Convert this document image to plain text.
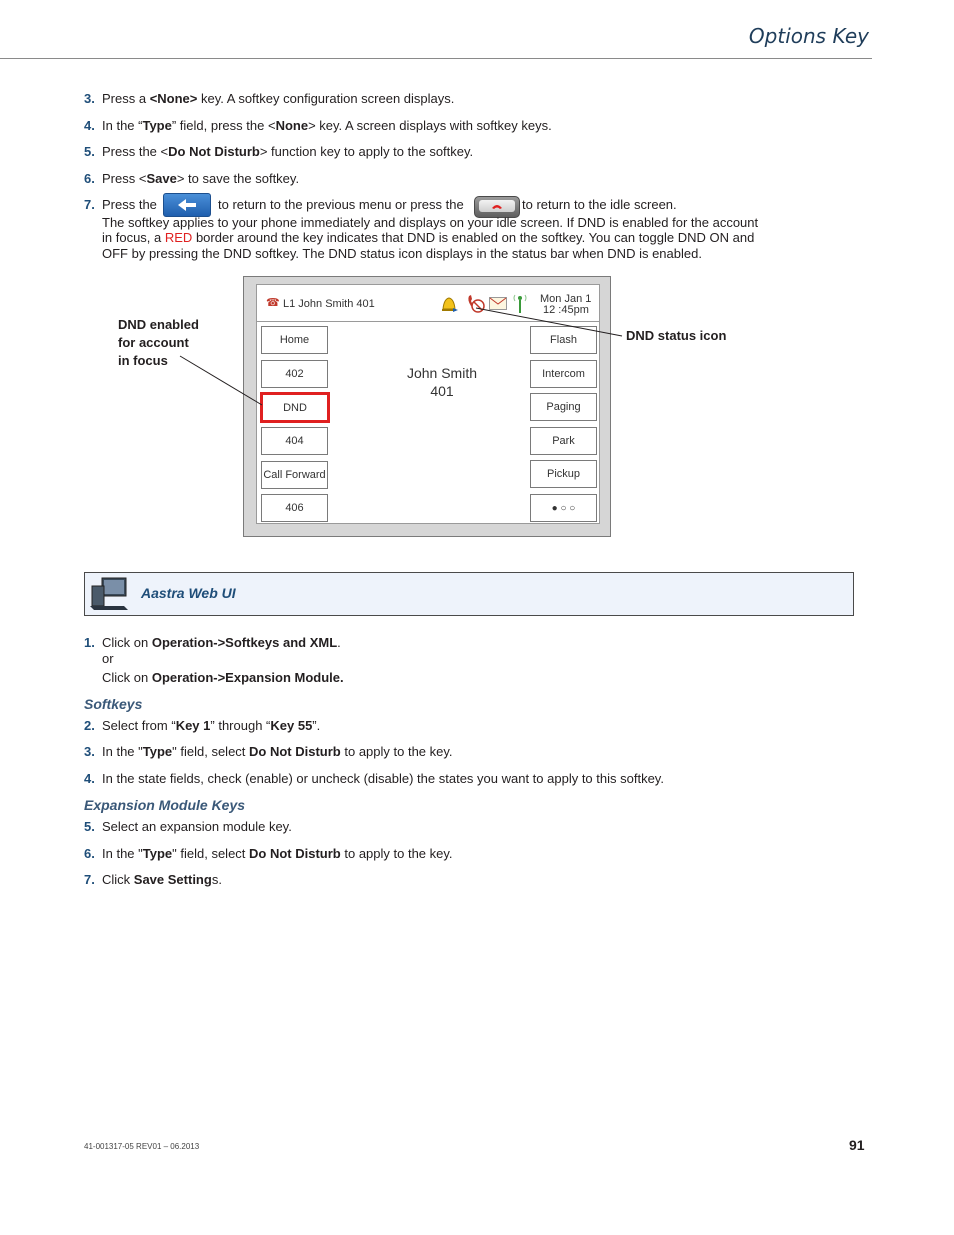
Options Key
3. Press a <None> key. A softkey configuration screen displays.
4. In the “Type” field, press the <None> key. A screen displays with softkey keys.
5. Press the <Do Not Disturb> function key to apply to the softkey.
6. Press <Save> to save the softkey.
7. Press the	to return to the previous menu or press the	to return to the idle screen.
The softkey applies to your phone immediately and displays on your idle screen. If DND is enabled for the account
in focus, a RED border around the key indicates that DND is enabled on the softkey. You can toggle DND ON and
OFF by pressing the DND softkey. The DND status icon displays in the status bar when DND is enabled.
☎ L1 John Smith 401	Mon Jan 1
12 :45pm
John Smith
401
Home
402
DND
404
Call Forward
406
Flash
Intercom
Paging
Park
Pickup
● ○ ○
DND enabled
for account
in focus
DND status icon
Aastra Web UI
1. Click on Operation->Softkeys and XML.
or
Click on Operation->Expansion Module.
Softkeys
2. Select from “Key 1” through “Key 55”.
3. In the "Type" field, select Do Not Disturb to apply to the key.
4. In the state fields, check (enable) or uncheck (disable) the states you want to apply to this softkey.
Expansion Module Keys
5. Select an expansion module key.
6. In the "Type" field, select Do Not Disturb to apply to the key.
7. Click Save Settings.
41-001317-05 REV01 – 06.2013	91
